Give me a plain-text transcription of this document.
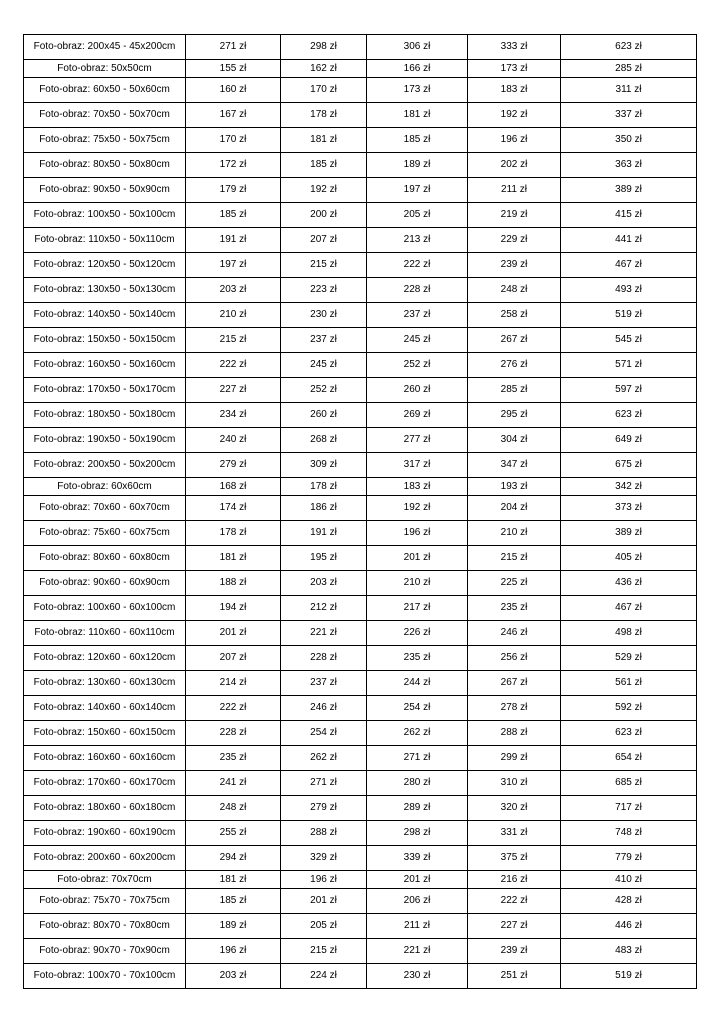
Foto-obraz: 200x45 - 45x200cm	271 zł	298 zł	306 zł	333 zł	623 zł
Foto-obraz: 50x50cm	155 zł	162 zł	166 zł	173 zł	285 zł
Foto-obraz: 60x50 - 50x60cm	160 zł	170 zł	173 zł	183 zł	311 zł
Foto-obraz: 70x50 - 50x70cm	167 zł	178 zł	181 zł	192 zł	337 zł
Foto-obraz: 75x50 - 50x75cm	170 zł	181 zł	185 zł	196 zł	350 zł
Foto-obraz: 80x50 - 50x80cm	172 zł	185 zł	189 zł	202 zł	363 zł
Foto-obraz: 90x50 - 50x90cm	179 zł	192 zł	197 zł	211 zł	389 zł
Foto-obraz: 100x50 - 50x100cm	185 zł	200 zł	205 zł	219 zł	415 zł
Foto-obraz: 110x50 - 50x110cm	191 zł	207 zł	213 zł	229 zł	441 zł
Foto-obraz: 120x50 - 50x120cm	197 zł	215 zł	222 zł	239 zł	467 zł
Foto-obraz: 130x50 - 50x130cm	203 zł	223 zł	228 zł	248 zł	493 zł
Foto-obraz: 140x50 - 50x140cm	210 zł	230 zł	237 zł	258 zł	519 zł
Foto-obraz: 150x50 - 50x150cm	215 zł	237 zł	245 zł	267 zł	545 zł
Foto-obraz: 160x50 - 50x160cm	222 zł	245 zł	252 zł	276 zł	571 zł
Foto-obraz: 170x50 - 50x170cm	227 zł	252 zł	260 zł	285 zł	597 zł
Foto-obraz: 180x50 - 50x180cm	234 zł	260 zł	269 zł	295 zł	623 zł
Foto-obraz: 190x50 - 50x190cm	240 zł	268 zł	277 zł	304 zł	649 zł
Foto-obraz: 200x50 - 50x200cm	279 zł	309 zł	317 zł	347 zł	675 zł
Foto-obraz: 60x60cm	168 zł	178 zł	183 zł	193 zł	342 zł
Foto-obraz: 70x60 - 60x70cm	174 zł	186 zł	192 zł	204 zł	373 zł
Foto-obraz: 75x60 - 60x75cm	178 zł	191 zł	196 zł	210 zł	389 zł
Foto-obraz: 80x60 - 60x80cm	181 zł	195 zł	201 zł	215 zł	405 zł
Foto-obraz: 90x60 - 60x90cm	188 zł	203 zł	210 zł	225 zł	436 zł
Foto-obraz: 100x60 - 60x100cm	194 zł	212 zł	217 zł	235 zł	467 zł
Foto-obraz: 110x60 - 60x110cm	201 zł	221 zł	226 zł	246 zł	498 zł
Foto-obraz: 120x60 - 60x120cm	207 zł	228 zł	235 zł	256 zł	529 zł
Foto-obraz: 130x60 - 60x130cm	214 zł	237 zł	244 zł	267 zł	561 zł
Foto-obraz: 140x60 - 60x140cm	222 zł	246 zł	254 zł	278 zł	592 zł
Foto-obraz: 150x60 - 60x150cm	228 zł	254 zł	262 zł	288 zł	623 zł
Foto-obraz: 160x60 - 60x160cm	235 zł	262 zł	271 zł	299 zł	654 zł
Foto-obraz: 170x60 - 60x170cm	241 zł	271 zł	280 zł	310 zł	685 zł
Foto-obraz: 180x60 - 60x180cm	248 zł	279 zł	289 zł	320 zł	717 zł
Foto-obraz: 190x60 - 60x190cm	255 zł	288 zł	298 zł	331 zł	748 zł
Foto-obraz: 200x60 - 60x200cm	294 zł	329 zł	339 zł	375 zł	779 zł
Foto-obraz: 70x70cm	181 zł	196 zł	201 zł	216 zł	410 zł
Foto-obraz: 75x70 - 70x75cm	185 zł	201 zł	206 zł	222 zł	428 zł
Foto-obraz: 80x70 - 70x80cm	189 zł	205 zł	211 zł	227 zł	446 zł
Foto-obraz: 90x70 - 70x90cm	196 zł	215 zł	221 zł	239 zł	483 zł
Foto-obraz: 100x70 - 70x100cm	203 zł	224 zł	230 zł	251 zł	519 zł
